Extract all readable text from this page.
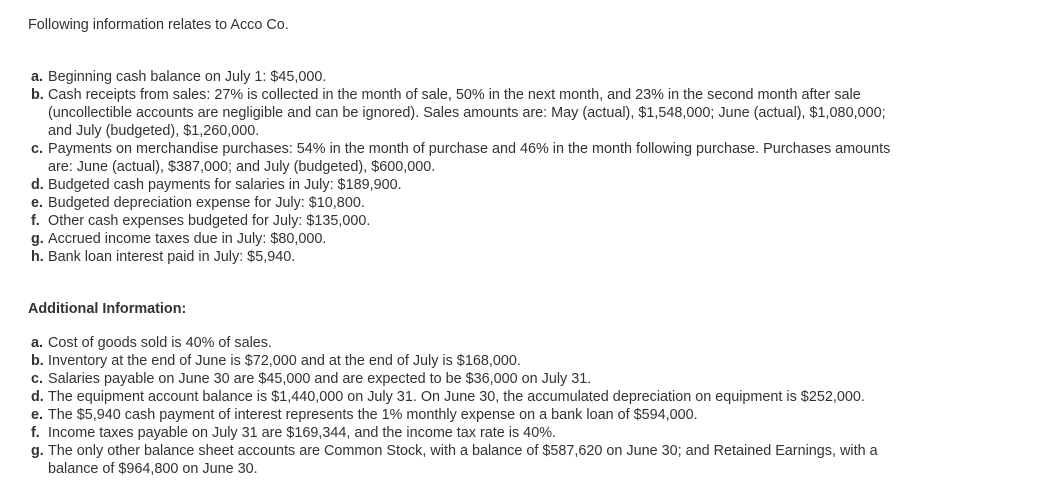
Following information relates to Acco Co.

a. Beginning cash balance on July 1: $45,000.
b. Cash receipts from sales: 27% is collected in the month of sale, 50% in the next month, and 23% in the second month after sale
(uncollectible accounts are negligible and can be ignored). Sales amounts are: May (actual), $1,548,000; June (actual), $1,080,000;
and July (budgeted), $1,260,000.
c. Payments on merchandise purchases: 54% in the month of purchase and 46% in the month following purchase. Purchases amounts
are: June (actual), $387,000; and July (budgeted), $600,000.
d. Budgeted cash payments for salaries in July: $189,900.
e. Budgeted depreciation expense for July: $10,800.
f. Other cash expenses budgeted for July: $135,000.
g. Accrued income taxes due in July: $80,000.
h. Bank loan interest paid in July: $5,940.

Additional Information:

a. Cost of goods sold is 40% of sales.
b. Inventory at the end of June is $72,000 and at the end of July is $168,000.
c. Salaries payable on June 30 are $45,000 and are expected to be $36,000 on July 31.
d. The equipment account balance is $1,440,000 on July 31. On June 30, the accumulated depreciation on equipment is $252,000.
e. The $5,940 cash payment of interest represents the 1% monthly expense on a bank loan of $594,000.
f. Income taxes payable on July 31 are $169,344, and the income tax rate is 40%.
g. The only other balance sheet accounts are Common Stock, with a balance of $587,620 on June 30; and Retained Earnings, with a
balance of $964,800 on June 30.
